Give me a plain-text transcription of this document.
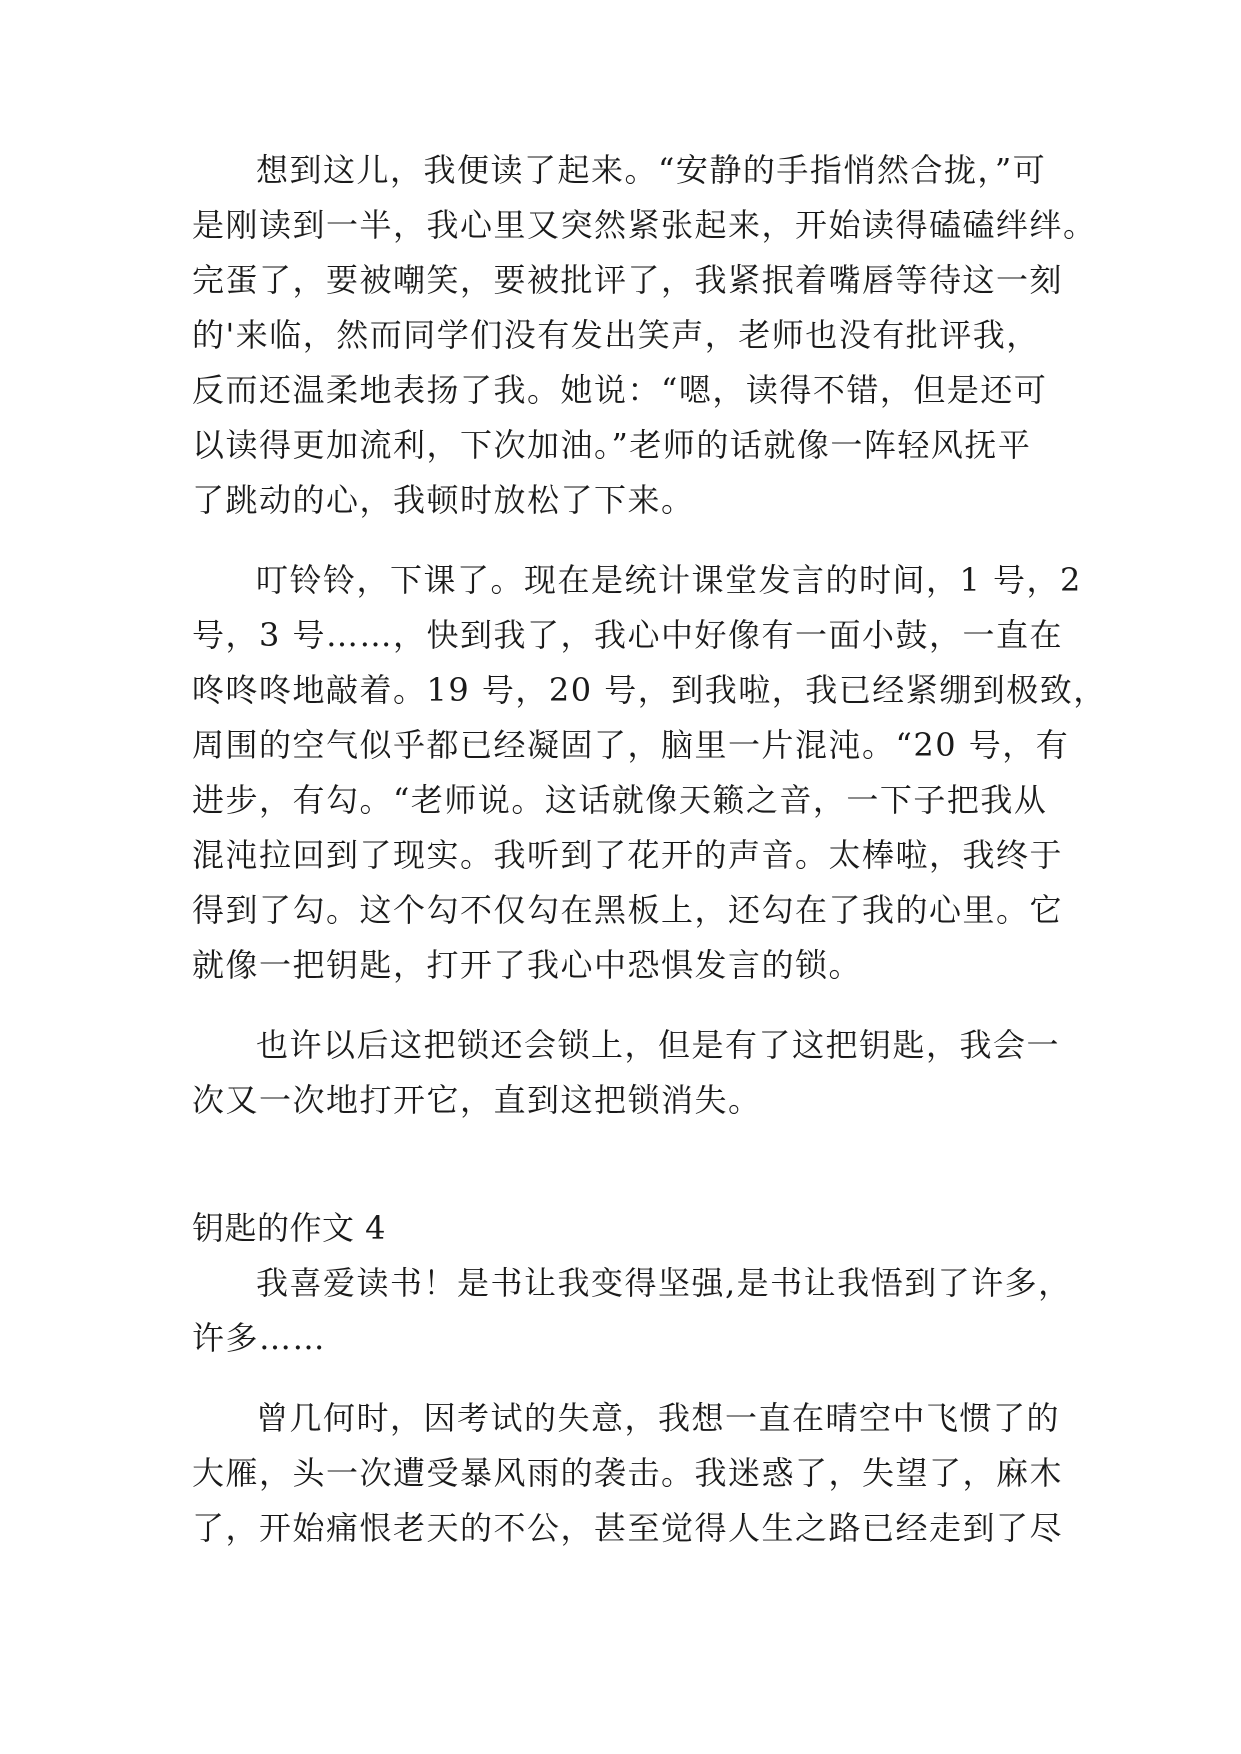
想到这儿，我便读了起来。“安静的手指悄然合拢，”可
是刚读到一半，我心里又突然紧张起来，开始读得磕磕绊绊。
完蛋了，要被嘲笑，要被批评了，我紧抿着嘴唇等待这一刻
的'来临，然而同学们没有发出笑声，老师也没有批评我，
反而还温柔地表扬了我。她说：“嗯，读得不错，但是还可
以读得更加流利，下次加油。”老师的话就像一阵轻风抚平
了跳动的心，我顿时放松了下来。
叮铃铃，下课了。现在是统计课堂发言的时间，1 号，2
号，3 号……，快到我了，我心中好像有一面小鼓，一直在
咚咚咚地敲着。19 号，20 号，到我啦，我已经紧绷到极致，
周围的空气似乎都已经凝固了，脑里一片混沌。“20 号，有
进步，有勾。“老师说。这话就像天籁之音，一下子把我从
混沌拉回到了现实。我听到了花开的声音。太棒啦，我终于
得到了勾。这个勾不仅勾在黑板上，还勾在了我的心里。它
就像一把钥匙，打开了我心中恐惧发言的锁。
也许以后这把锁还会锁上，但是有了这把钥匙，我会一
次又一次地打开它，直到这把锁消失。
钥匙的作文 4
我喜爱读书！是书让我变得坚强,是书让我悟到了许多，
许多……
曾几何时，因考试的失意，我想一直在晴空中飞惯了的
大雁，头一次遭受暴风雨的袭击。我迷惑了，失望了，麻木
了，开始痛恨老天的不公，甚至觉得人生之路已经走到了尽
